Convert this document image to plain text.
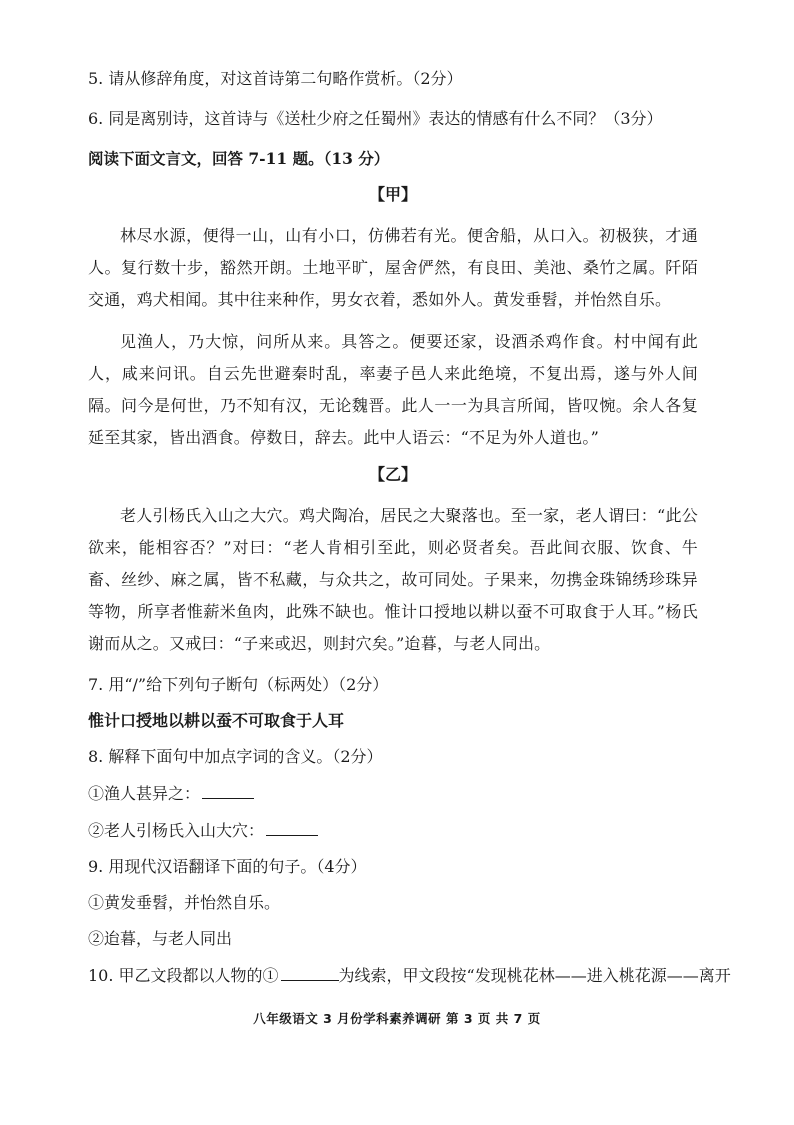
5. 请从修辞角度，对这首诗第二句略作赏析。（2分）
6. 同是离别诗，这首诗与《送杜少府之任蜀州》表达的情感有什么不同？（3分）
阅读下面文言文，回答 7-11 题。（13 分）
【甲】
林尽水源，便得一山，山有小口，仿佛若有光。便舍船，从口入。初极狭，才通人。复行数十步，豁然开朗。土地平旷，屋舍俨然，有良田、美池、桑竹之属。阡陌交通，鸡犬相闻。其中往来种作，男女衣着，悉如外人。黄发垂髫，并怡然自乐。
见渔人，乃大惊，问所从来。具答之。便要还家，设酒杀鸡作食。村中闻有此人，咸来问讯。自云先世避秦时乱，率妻子邑人来此绝境，不复出焉，遂与外人间隔。问今是何世，乃不知有汉，无论魏晋。此人一一为具言所闻，皆叹惋。余人各复延至其家，皆出酒食。停数日，辞去。此中人语云：“不足为外人道也。”
【乙】
老人引杨氏入山之大穴。鸡犬陶冶，居民之大聚落也。至一家，老人谓曰：“此公欲来，能相容否？”对曰：“老人肯相引至此，则必贤者矣。吾此间衣服、饮食、牛畜、丝纱、麻之属，皆不私藏，与众共之，故可同处。子果来，勿携金珠锦绣珍珠异等物，所享者惟薪米鱼肉，此殊不缺也。惟计口授地以耕以蚕不可取食于人耳。”杨氏谢而从之。又戒曰：“子来或迟，则封穴矣。”迨暮，与老人同出。
7. 用“/”给下列句子断句（标两处）（2分）
惟计口授地以耕以蚕不可取食于人耳
8. 解释下面句中加点字词的含义。（2分）
①渔人甚异之：
②老人引杨氏入山大穴：
9. 用现代汉语翻译下面的句子。（4分）
①黄发垂髫，并怡然自乐。
②迨暮，与老人同出
10. 甲乙文段都以人物的①	为线索，甲文段按“发现桃花林——进入桃花源——离开
八年级语文 3 月份学科素养调研 第 3 页 共 7 页
